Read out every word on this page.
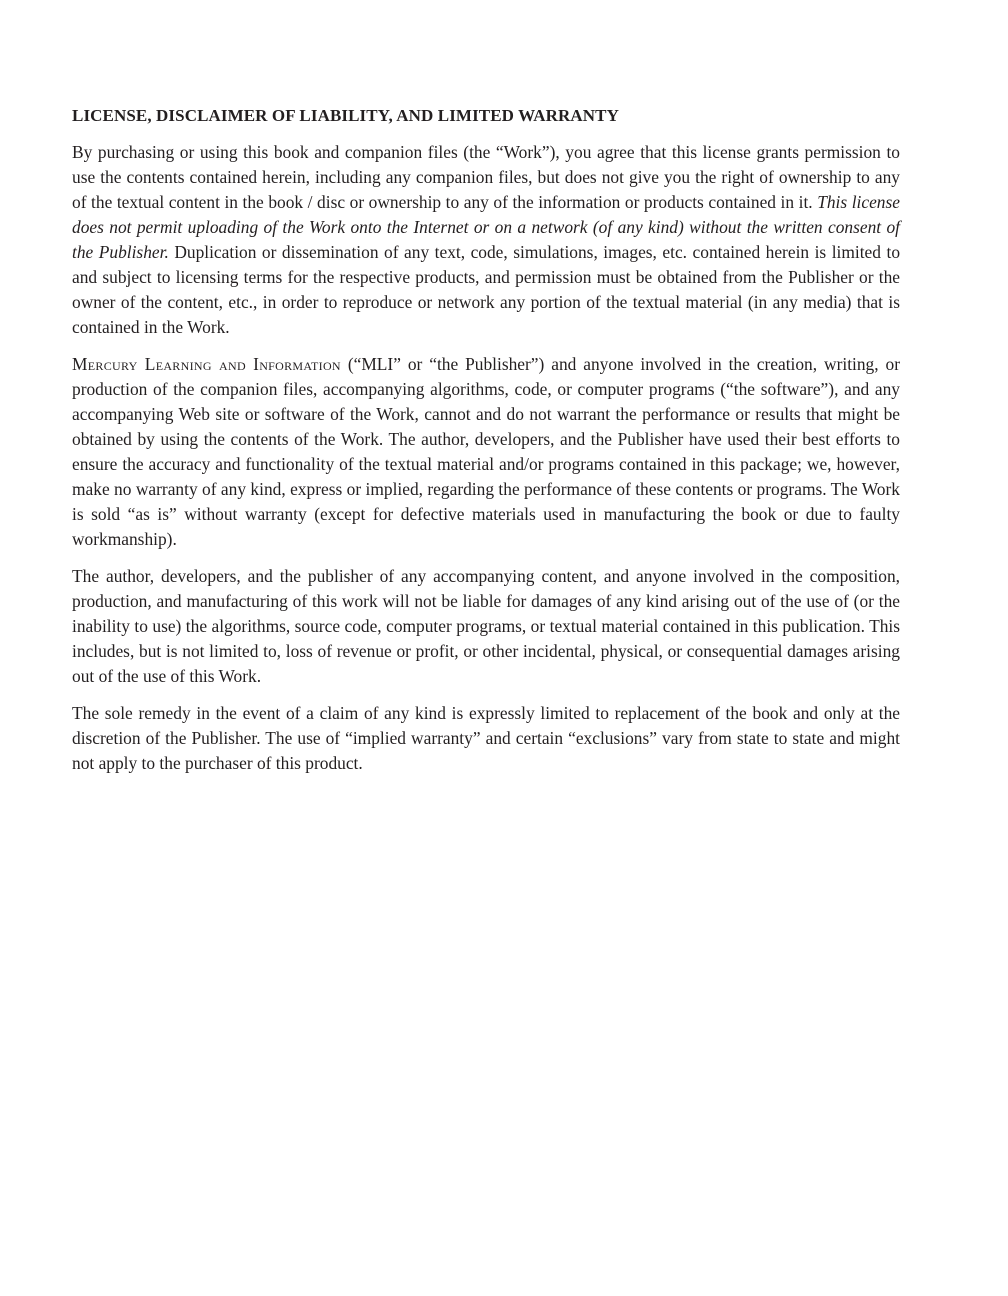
LICENSE, DISCLAIMER OF LIABILITY, AND LIMITED WARRANTY

By purchasing or using this book and companion files (the “Work”), you agree that this license grants permission to use the contents contained herein, including any companion files, but does not give you the right of ownership to any of the textual content in the book / disc or ownership to any of the information or products contained in it. This license does not permit uploading of the Work onto the Internet or on a network (of any kind) without the written consent of the Publisher. Duplication or dissemination of any text, code, simulations, images, etc. contained herein is limited to and subject to licensing terms for the respective products, and permission must be obtained from the Publisher or the owner of the content, etc., in order to reproduce or network any portion of the textual material (in any media) that is contained in the Work.

Mercury Learning and Information (“MLI” or “the Publisher”) and anyone involved in the creation, writing, or production of the companion files, accompanying algorithms, code, or computer programs (“the software”), and any accompanying Web site or software of the Work, cannot and do not warrant the performance or results that might be obtained by using the contents of the Work. The author, developers, and the Publisher have used their best efforts to ensure the accuracy and functionality of the textual material and/or programs contained in this package; we, however, make no warranty of any kind, express or implied, regarding the performance of these contents or programs. The Work is sold “as is” without warranty (except for defective materials used in manufacturing the book or due to faulty workmanship).

The author, developers, and the publisher of any accompanying content, and anyone involved in the composition, production, and manufacturing of this work will not be liable for damages of any kind arising out of the use of (or the inability to use) the algorithms, source code, computer programs, or textual material contained in this publication. This includes, but is not limited to, loss of revenue or profit, or other incidental, physical, or consequential damages arising out of the use of this Work.

The sole remedy in the event of a claim of any kind is expressly limited to replacement of the book and only at the discretion of the Publisher. The use of “implied warranty” and certain “exclusions” vary from state to state and might not apply to the purchaser of this product.
